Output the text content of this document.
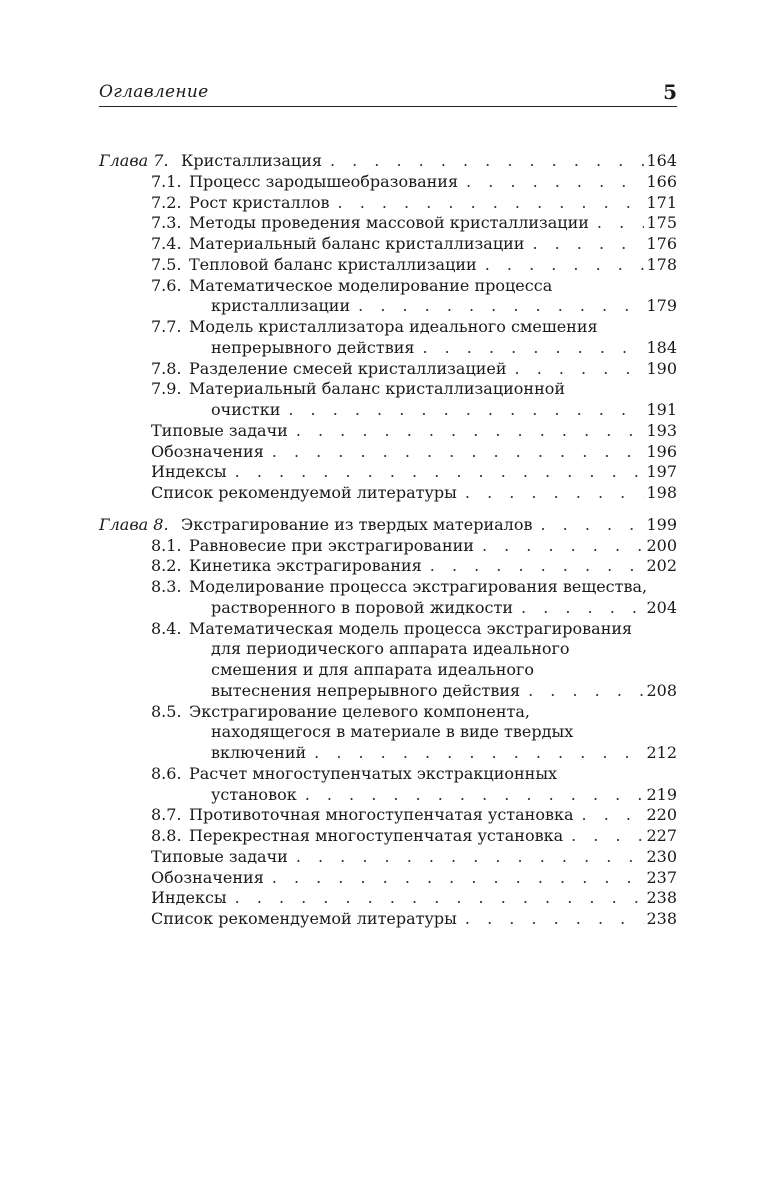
Оглавление	5
Глава 7. Кристаллизация . . .	164
7.1. Процесс зародышеобразования . . .	166
7.2. Рост кристаллов . . .	171
7.3. Методы проведения массовой кристаллизации . . .	175
7.4. Материальный баланс кристаллизации . . .	176
7.5. Тепловой баланс кристаллизации . . .	178
7.6. Математическое моделирование процесса
кристаллизации . . .	179
7.7. Модель кристаллизатора идеального смешения
непрерывного действия . . .	184
7.8. Разделение смесей кристаллизацией . . .	190
7.9. Материальный баланс кристаллизационной
очистки . . .	191
Типовые задачи . . .	193
Обозначения . . .	196
Индексы . . .	197
Список рекомендуемой литературы . . .	198
Глава 8. Экстрагирование из твердых материалов . . .	199
8.1. Равновесие при экстрагировании . . .	200
8.2. Кинетика экстрагирования . . .	202
8.3. Моделирование процесса экстрагирования вещества,
растворенного в поровой жидкости . . .	204
8.4. Математическая модель процесса экстрагирования
для периодического аппарата идеального
смешения и для аппарата идеального
вытеснения непрерывного действия . . .	208
8.5. Экстрагирование целевого компонента,
находящегося в материале в виде твердых
включений . . .	212
8.6. Расчет многоступенчатых экстракционных
установок . . .	219
8.7. Противоточная многоступенчатая установка . . .	220
8.8. Перекрестная многоступенчатая установка . . .	227
Типовые задачи . . .	230
Обозначения . . .	237
Индексы . . .	238
Список рекомендуемой литературы . . .	238
